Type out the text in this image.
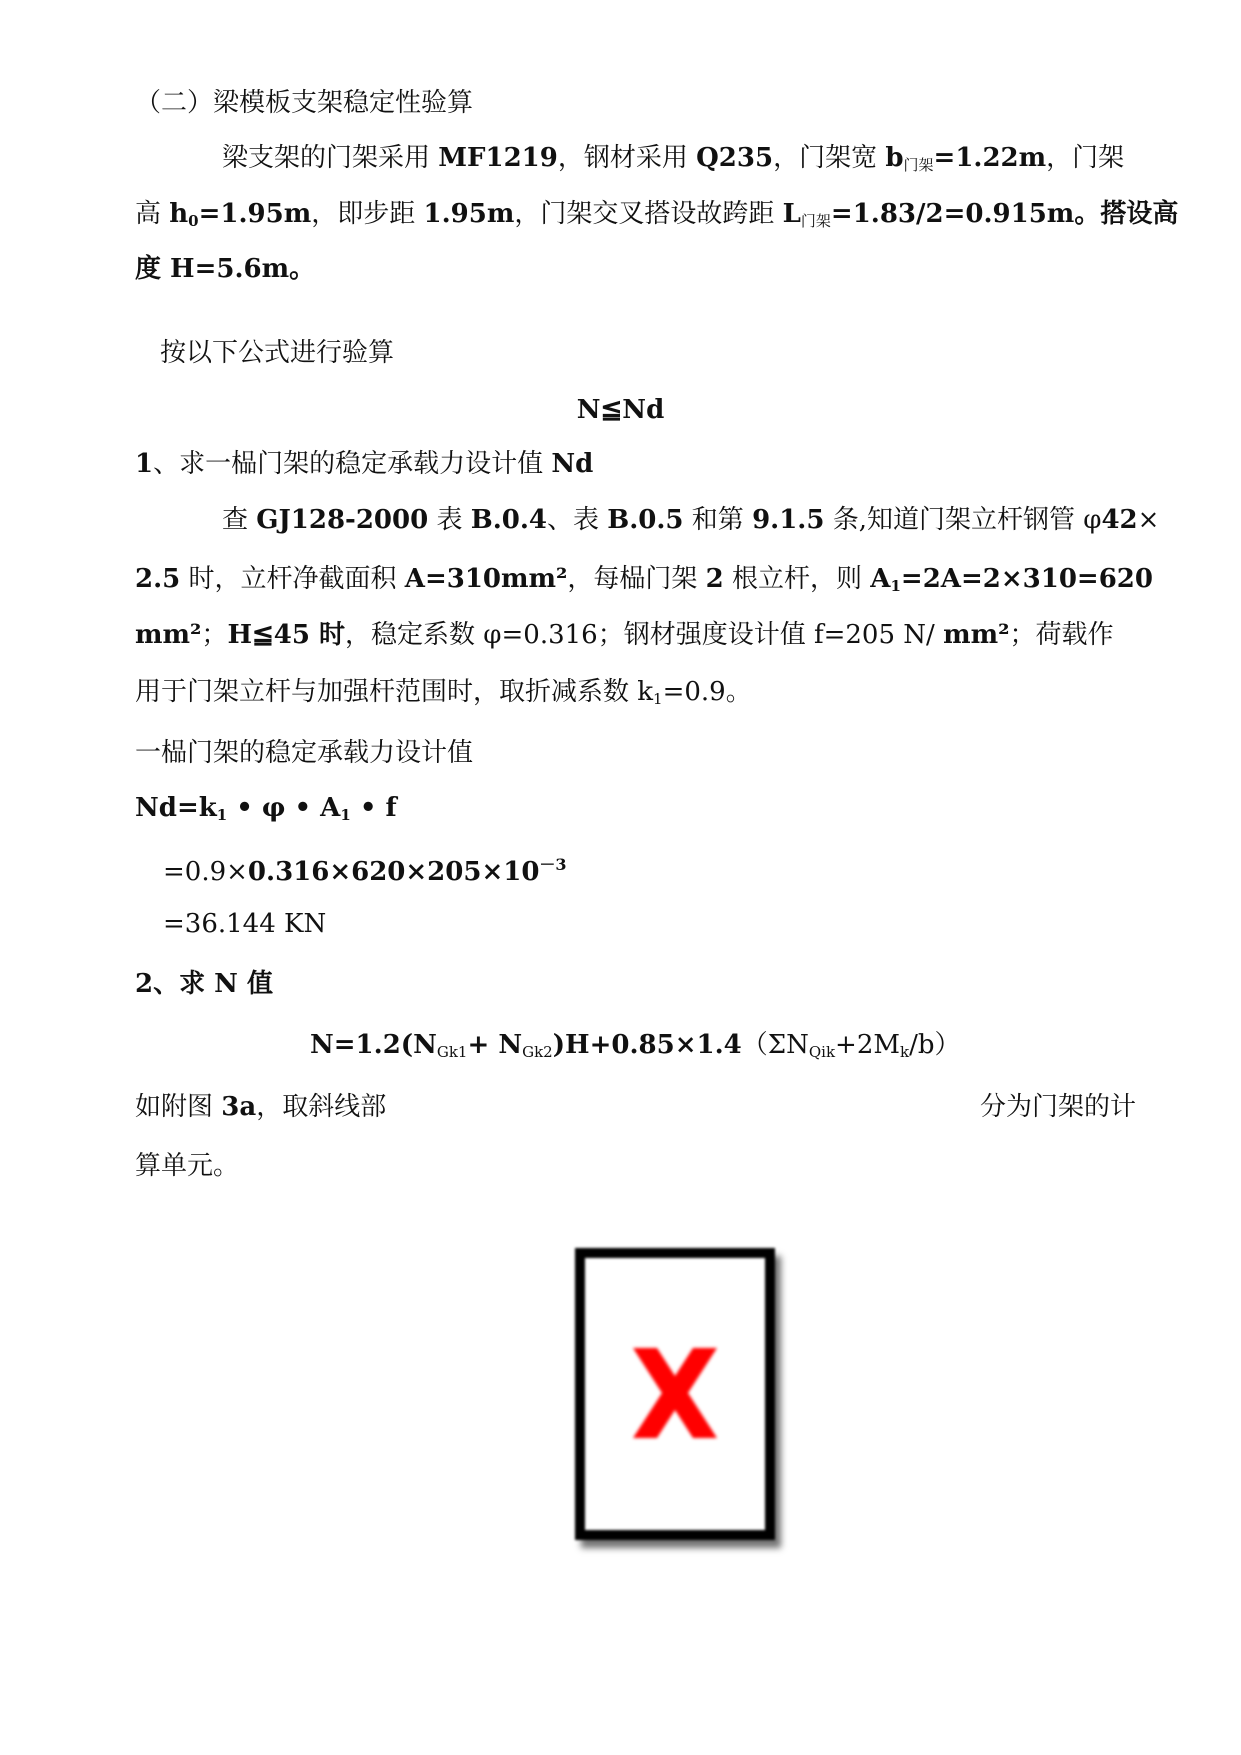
（二）梁模板支架稳定性验算
梁支架的门架采用 MF1219，钢材采用 Q235，门架宽 $b_{门架}=1.22m$，门架
高 $h_0=1.95m$，即步距 1.95m，门架交叉搭设故跨距 $L_{门架}=1.83/2=0.915m$。搭设高
度 H=5.6m。
按以下公式进行验算
N≦Nd
1、求一榀门架的稳定承载力设计值 Nd
查 GJ128-2000 表 B.0.4、表 B.0.5 和第 9.1.5 条,知道门架立杆钢管 φ42×
2.5 时，立杆净截面积 A=310mm²，每榀门架 2 根立杆，则 $A_1=2A=2\times 310=620$
mm²；H≦45 时，稳定系数 φ=0.316；钢材强度设计值 f=205 N/ mm²；荷载作
用于门架立杆与加强杆范围时，取折减系数 $k_1=0.9$。
一榀门架的稳定承载力设计值
$Nd=k_1$ • φ • $A_1$ • f
$=0.9\times 0.316\times 620\times 205\times 10^{-3}$
=36.144 KN
2、求 N 值
$N=1.2(N_{Gk1}+ N_{Gk2})H+0.85\times 1.4(\Sigma N_{Qik}+2M_k/b)$
如附图 3a，取斜线部	分为门架的计
算单元。
